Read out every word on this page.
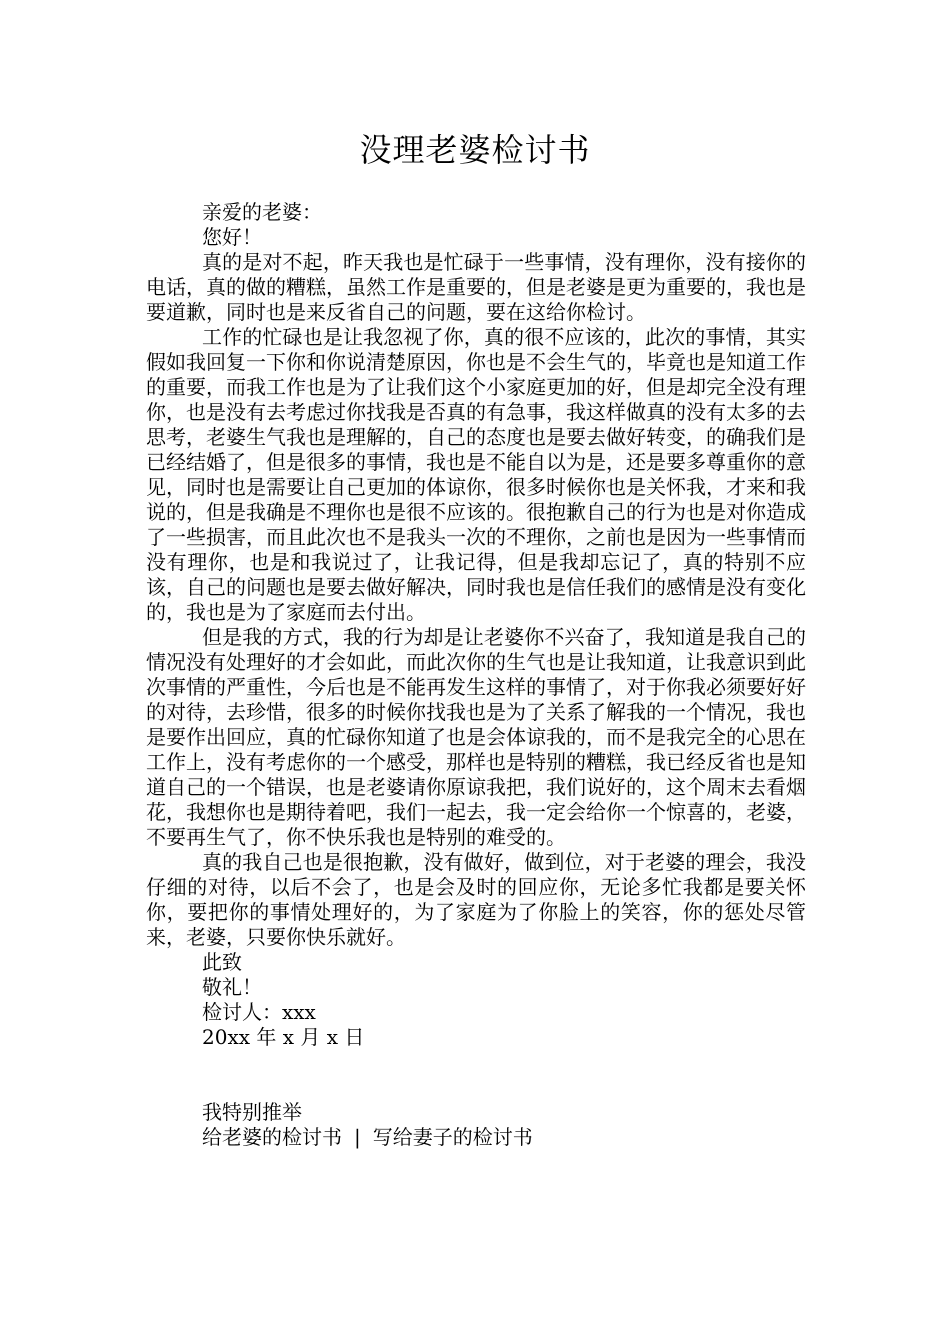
没理老婆检讨书

亲爱的老婆：

您好！

真的是对不起，昨天我也是忙碌于一些事情，没有理你，没有接你的电话，真的做的糟糕，虽然工作是重要的，但是老婆是更为重要的，我也是要道歉，同时也是来反省自己的问题，要在这给你检讨。

工作的忙碌也是让我忽视了你，真的很不应该的，此次的事情，其实假如我回复一下你和你说清楚原因，你也是不会生气的，毕竟也是知道工作的重要，而我工作也是为了让我们这个小家庭更加的好，但是却完全没有理你，也是没有去考虑过你找我是否真的有急事，我这样做真的没有太多的去思考，老婆生气我也是理解的，自己的态度也是要去做好转变，的确我们是已经结婚了，但是很多的事情，我也是不能自以为是，还是要多尊重你的意见，同时也是需要让自己更加的体谅你，很多时候你也是关怀我，才来和我说的，但是我确是不理你也是很不应该的。很抱歉自己的行为也是对你造成了一些损害，而且此次也不是我头一次的不理你，之前也是因为一些事情而没有理你，也是和我说过了，让我记得，但是我却忘记了，真的特别不应该，自己的问题也是要去做好解决，同时我也是信任我们的感情是没有变化的，我也是为了家庭而去付出。

但是我的方式，我的行为却是让老婆你不兴奋了，我知道是我自己的情况没有处理好的才会如此，而此次你的生气也是让我知道，让我意识到此次事情的严重性，今后也是不能再发生这样的事情了，对于你我必须要好好的对待，去珍惜，很多的时候你找我也是为了关系了解我的一个情况，我也是要作出回应，真的忙碌你知道了也是会体谅我的，而不是我完全的心思在工作上，没有考虑你的一个感受，那样也是特别的糟糕，我已经反省也是知道自己的一个错误，也是老婆请你原谅我把，我们说好的，这个周末去看烟花，我想你也是期待着吧，我们一起去，我一定会给你一个惊喜的，老婆，不要再生气了，你不快乐我也是特别的难受的。

真的我自己也是很抱歉，没有做好，做到位，对于老婆的理会，我没仔细的对待，以后不会了，也是会及时的回应你，无论多忙我都是要关怀你，要把你的事情处理好的，为了家庭为了你脸上的笑容，你的惩处尽管来，老婆，只要你快乐就好。

此致

敬礼！

检讨人：xxx

20xx 年 x 月 x 日

我特别推举

给老婆的检讨书 | 写给妻子的检讨书
